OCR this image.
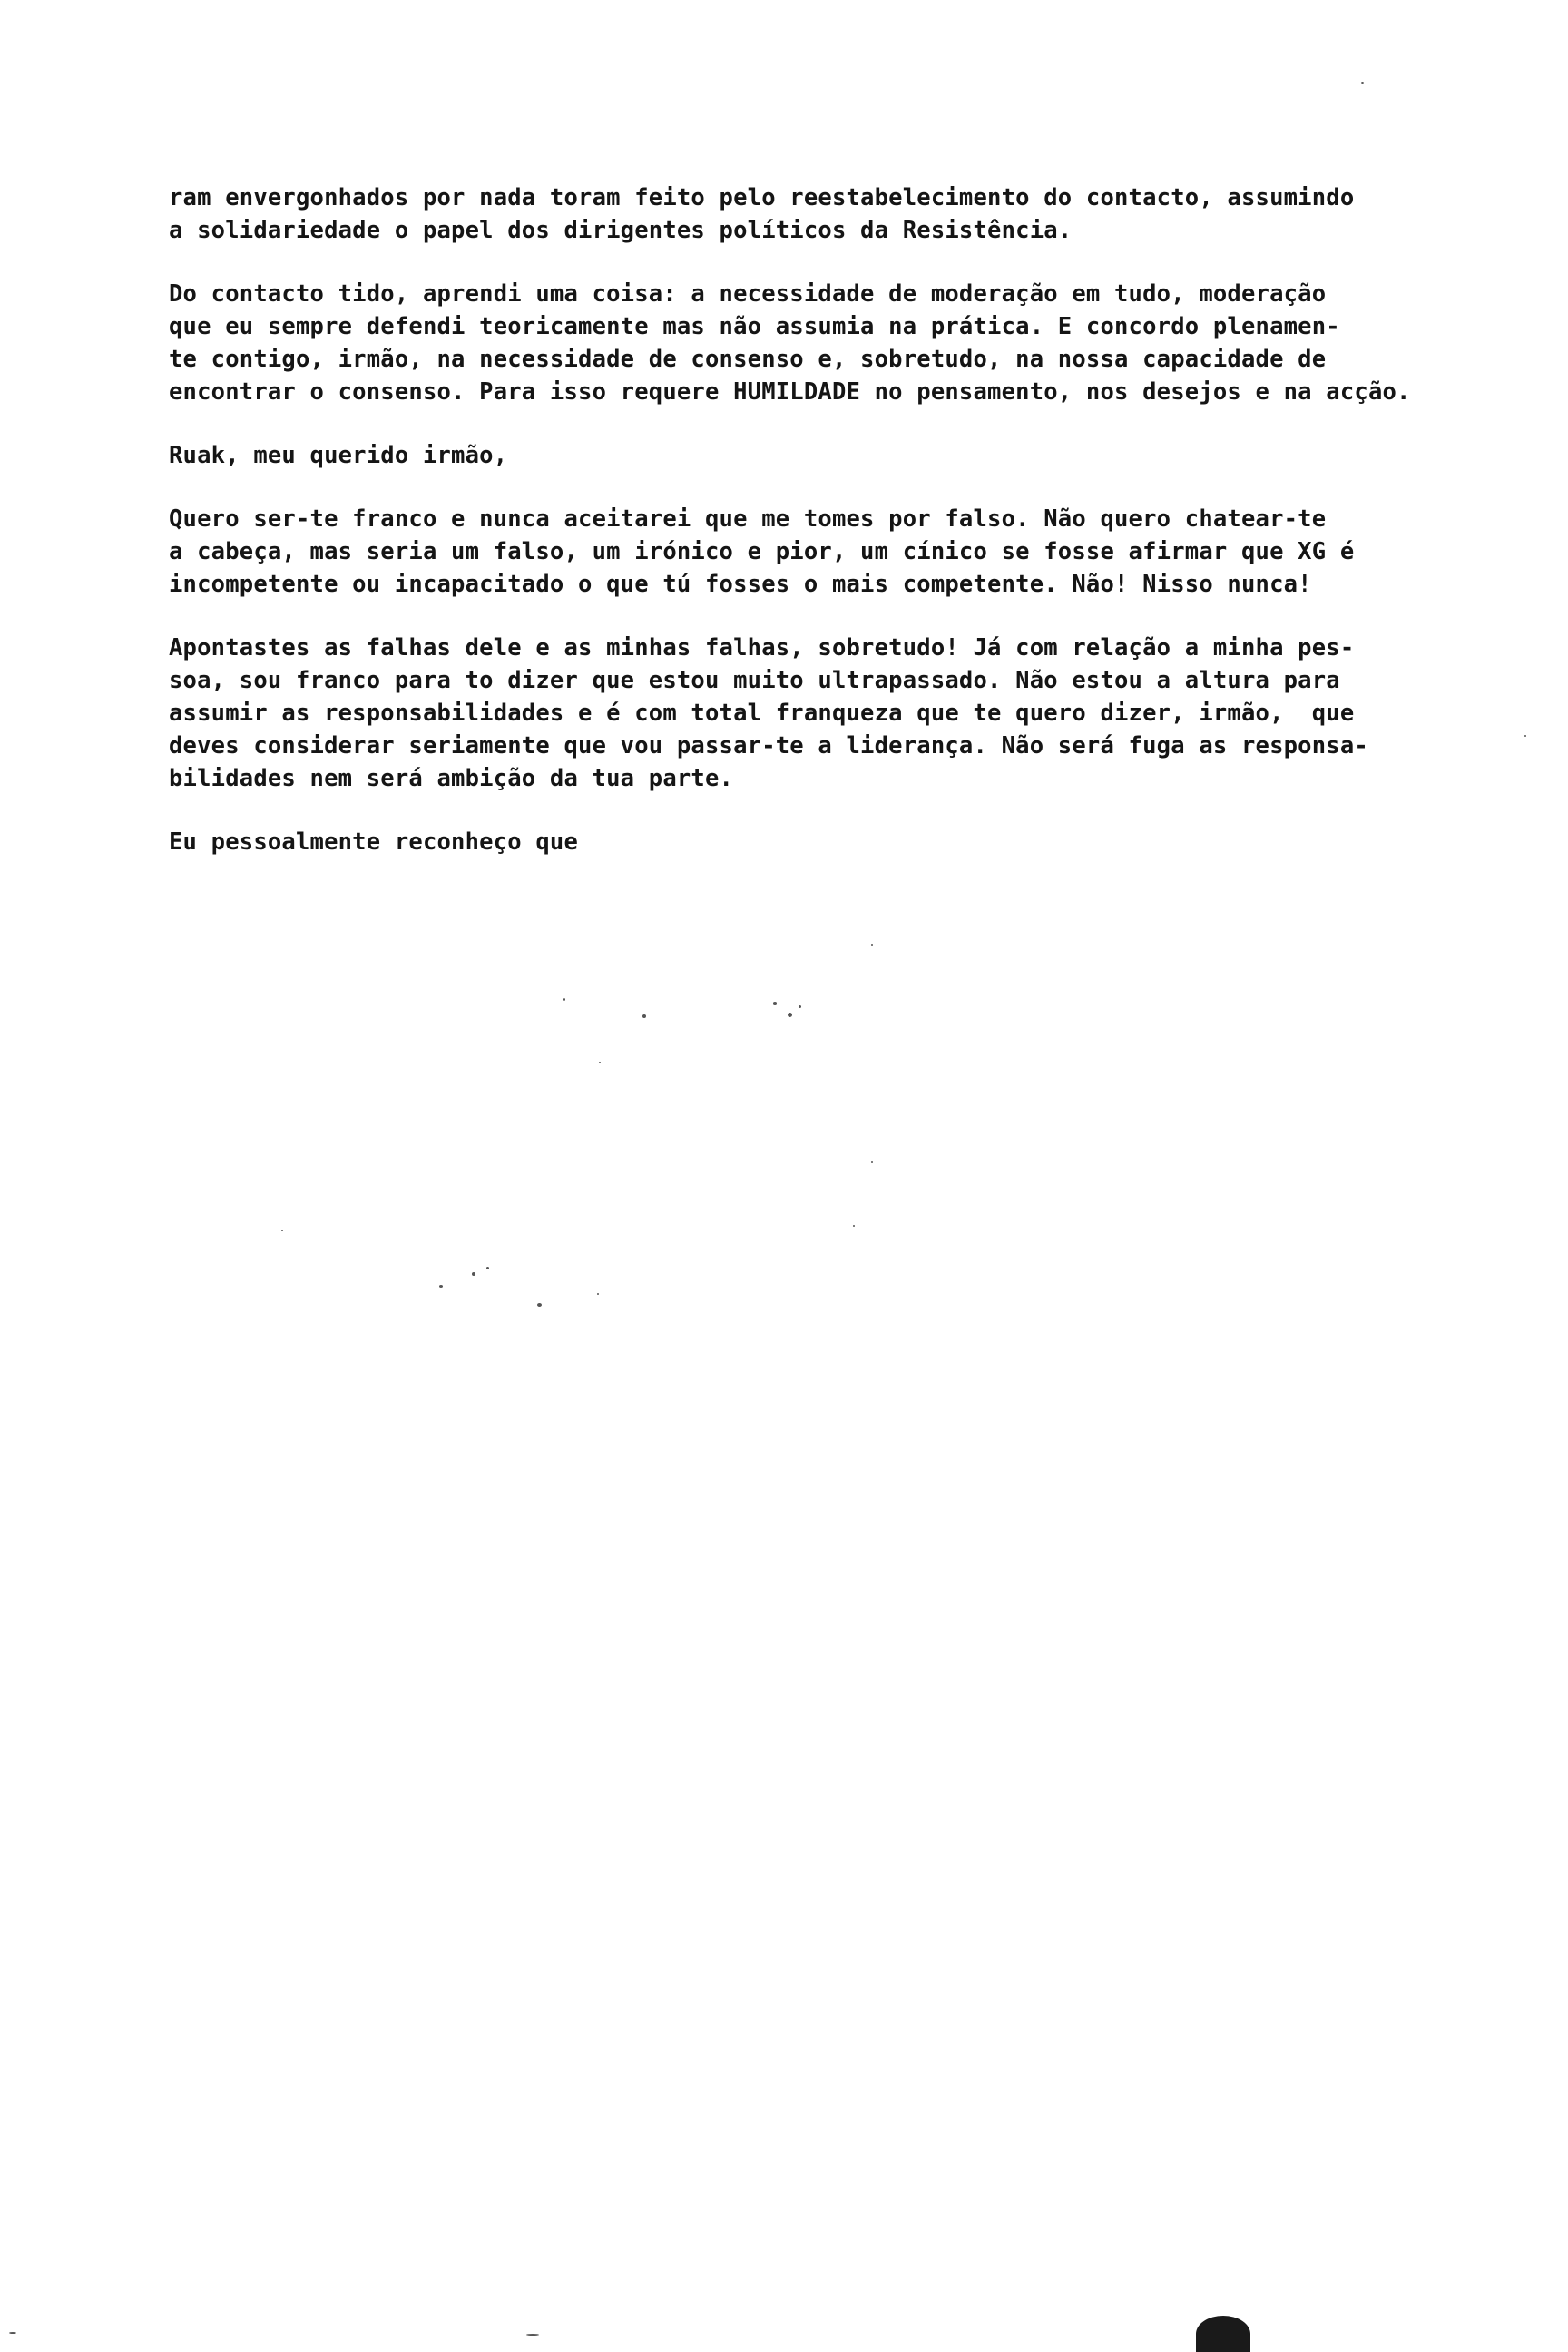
ram envergonhados por nada toram feito pelo reestabelecimento do contacto, assumindo
a solidariedade o papel dos dirigentes políticos da Resistência.
Do contacto tido, aprendi uma coisa: a necessidade de moderação em tudo, moderação
que eu sempre defendi teoricamente mas não assumia na prática. E concordo plenamen-
te contigo, irmão, na necessidade de consenso e, sobretudo, na nossa capacidade de
encontrar o consenso. Para isso requere HUMILDADE no pensamento, nos desejos e na acção.
Ruak, meu querido irmão,
Quero ser-te franco e nunca aceitarei que me tomes por falso. Não quero chatear-te
a cabeça, mas seria um falso, um irónico e pior, um cínico se fosse afirmar que XG é
incompetente ou incapacitado o que tú fosses o mais competente. Não! Nisso nunca!
Apontastes as falhas dele e as minhas falhas, sobretudo! Já com relação a minha pes-
soa, sou franco para to dizer que estou muito ultrapassado. Não estou a altura para
assumir as responsabilidades e é com total franqueza que te quero dizer, irmão,  que
deves considerar seriamente que vou passar-te a liderança. Não será fuga as responsa-
bilidades nem será ambição da tua parte.
Eu pessoalmente reconheço que
